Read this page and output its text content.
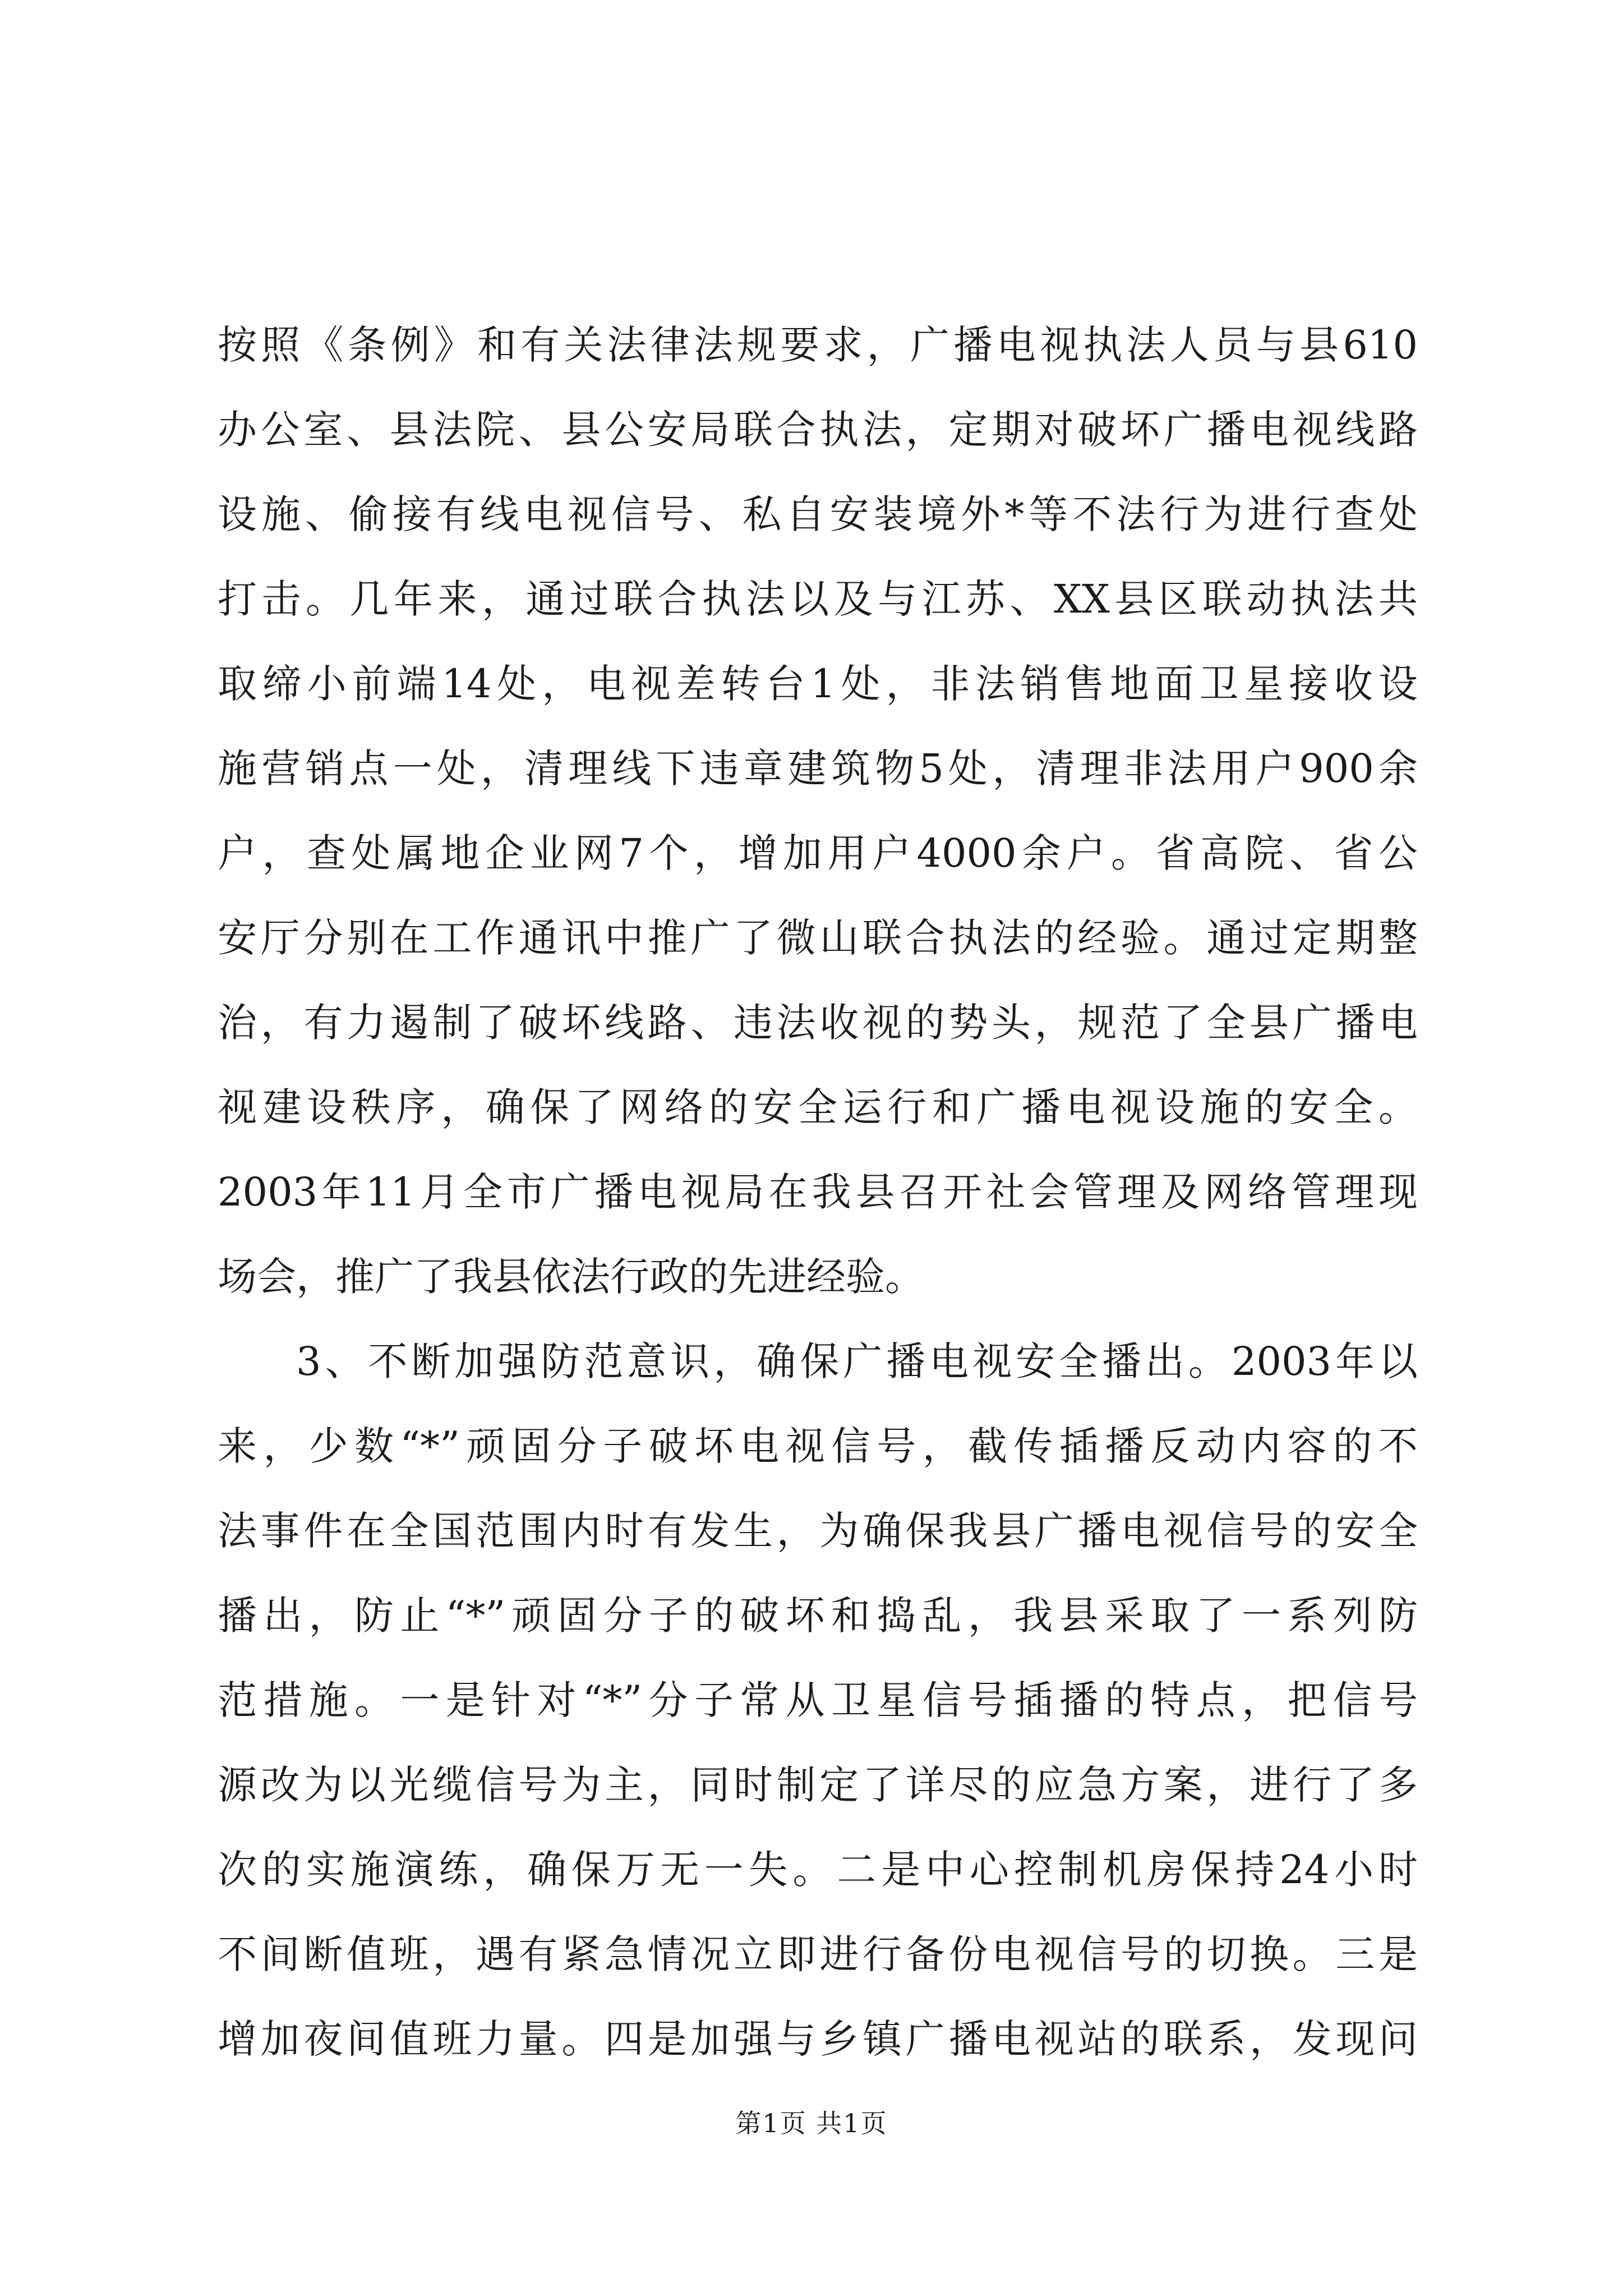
按照《条例》和有关法律法规要求，广播电视执法人员与县610
办公室、县法院、县公安局联合执法，定期对破坏广播电视线路
设施、偷接有线电视信号、私自安装境外*等不法行为进行查处
打击。几年来，通过联合执法以及与江苏、XX县区联动执法共
取缔小前端14处，电视差转台1处，非法销售地面卫星接收设
施营销点一处，清理线下违章建筑物5处，清理非法用户900余
户，查处属地企业网7个，增加用户4000余户。省高院、省公
安厅分别在工作通讯中推广了微山联合执法的经验。通过定期整
治，有力遏制了破坏线路、违法收视的势头，规范了全县广播电
视建设秩序，确保了网络的安全运行和广播电视设施的安全。
2003年11月全市广播电视局在我县召开社会管理及网络管理现
场会，推广了我县依法行政的先进经验。
3、不断加强防范意识，确保广播电视安全播出。2003年以
来，少数“*”顽固分子破坏电视信号，截传插播反动内容的不
法事件在全国范围内时有发生，为确保我县广播电视信号的安全
播出，防止“*”顽固分子的破坏和捣乱，我县采取了一系列防
范措施。一是针对“*”分子常从卫星信号插播的特点，把信号
源改为以光缆信号为主，同时制定了详尽的应急方案，进行了多
次的实施演练，确保万无一失。二是中心控制机房保持24小时
不间断值班，遇有紧急情况立即进行备份电视信号的切换。三是
增加夜间值班力量。四是加强与乡镇广播电视站的联系，发现问
第1页 共1页
